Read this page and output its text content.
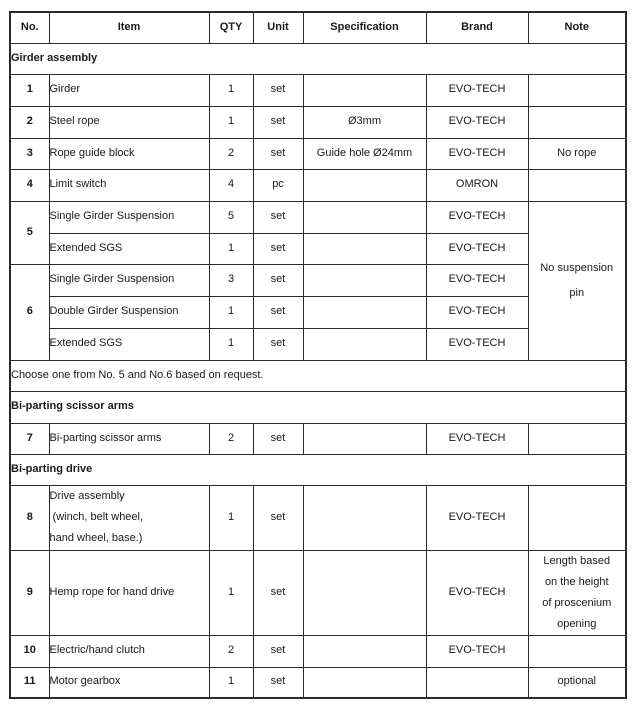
No.	Item	QTY	Unit	Specification	Brand	Note
Girder assembly						
1	Girder	1	set		EVO-TECH	
2	Steel rope	1	set	Ø3mm	EVO-TECH	
3	Rope guide block	2	set	Guide hole Ø24mm	EVO-TECH	No rope
4	Limit switch	4	pc		OMRON	
5	Single Girder Suspension	5	set		EVO-TECH	No suspension
pin

	Extended SGS	1	set		EVO-TECH	
6	Single Girder Suspension	3	set		EVO-TECH	
	Double Girder Suspension	1	set		EVO-TECH	
	Extended SGS	1	set		EVO-TECH	
Choose one from No. 5 and No.6 based on request.						
Bi-parting scissor arms						
7	Bi-parting scissor arms	2	set		EVO-TECH	
Bi-parting drive						
8	Drive assembly
(winch, belt wheel,
hand wheel, base.)	1	set		EVO-TECH	
9	Hemp rope for hand drive	1	set		EVO-TECH	Length based
on the height
of proscenium
opening

10	Electric/hand clutch	2	set		EVO-TECH	
11	Motor gearbox	1	set			optional
